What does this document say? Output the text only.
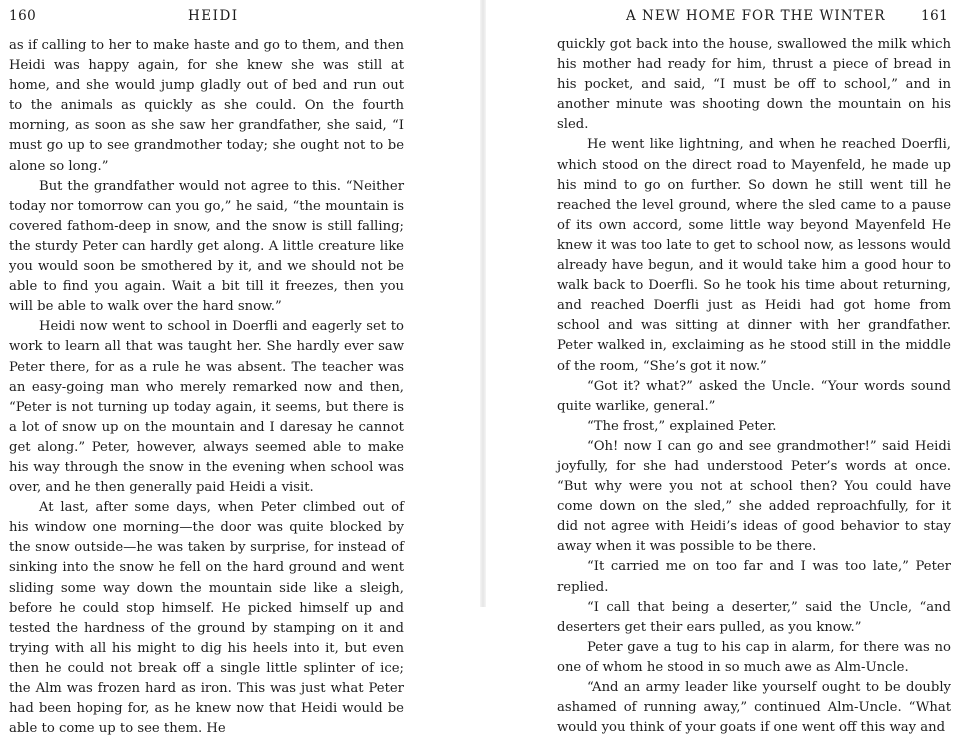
160	HEIDI

as if calling to her to make haste and go to them, and then Heidi was happy again, for she knew she was still at home, and she would jump gladly out of bed and run out to the animals as quickly as she could. On the fourth morning, as soon as she saw her grandfather, she said, “I must go up to see grandmother today; she ought not to be alone so long.”

But the grandfather would not agree to this. “Neither today nor tomorrow can you go,” he said, “the mountain is covered fathom-deep in snow, and the snow is still falling; the sturdy Peter can hardly get along. A little creature like you would soon be smothered by it, and we should not be able to find you again. Wait a bit till it freezes, then you will be able to walk over the hard snow.”

Heidi now went to school in Doerfli and eagerly set to work to learn all that was taught her. She hardly ever saw Peter there, for as a rule he was absent. The teacher was an easy-going man who merely remarked now and then, “Peter is not turning up today again, it seems, but there is a lot of snow up on the mountain and I daresay he cannot get along.” Peter, however, always seemed able to make his way through the snow in the evening when school was over, and he then generally paid Heidi a visit.

At last, after some days, when Peter climbed out of his window one morning—the door was quite blocked by the snow outside—he was taken by surprise, for instead of sinking into the snow he fell on the hard ground and went sliding some way down the mountain side like a sleigh, before he could stop himself. He picked himself up and tested the hardness of the ground by stamping on it and trying with all his might to dig his heels into it, but even then he could not break off a single little splinter of ice; the Alm was frozen hard as iron. This was just what Peter had been hoping for, as he knew now that Heidi would be able to come up to see them. He

A NEW HOME FOR THE WINTER	161

quickly got back into the house, swallowed the milk which his mother had ready for him, thrust a piece of bread in his pocket, and said, “I must be off to school,” and in another minute was shooting down the mountain on his sled.

He went like lightning, and when he reached Doerfli, which stood on the direct road to Mayenfeld, he made up his mind to go on further. So down he still went till he reached the level ground, where the sled came to a pause of its own accord, some little way beyond Mayenfeld He knew it was too late to get to school now, as lessons would already have begun, and it would take him a good hour to walk back to Doerfli. So he took his time about returning, and reached Doerfli just as Heidi had got home from school and was sitting at dinner with her grandfather. Peter walked in, exclaiming as he stood still in the middle of the room, “She’s got it now.”

“Got it? what?” asked the Uncle. “Your words sound quite warlike, general.”

“The frost,” explained Peter.

“Oh! now I can go and see grandmother!” said Heidi joyfully, for she had understood Peter’s words at once. “But why were you not at school then? You could have come down on the sled,” she added reproachfully, for it did not agree with Heidi’s ideas of good behavior to stay away when it was possible to be there.

“It carried me on too far and I was too late,” Peter replied.

“I call that being a deserter,” said the Uncle, “and deserters get their ears pulled, as you know.”

Peter gave a tug to his cap in alarm, for there was no one of whom he stood in so much awe as Alm-Uncle.

“And an army leader like yourself ought to be doubly ashamed of running away,” continued Alm-Uncle. “What would you think of your goats if one went off this way and
